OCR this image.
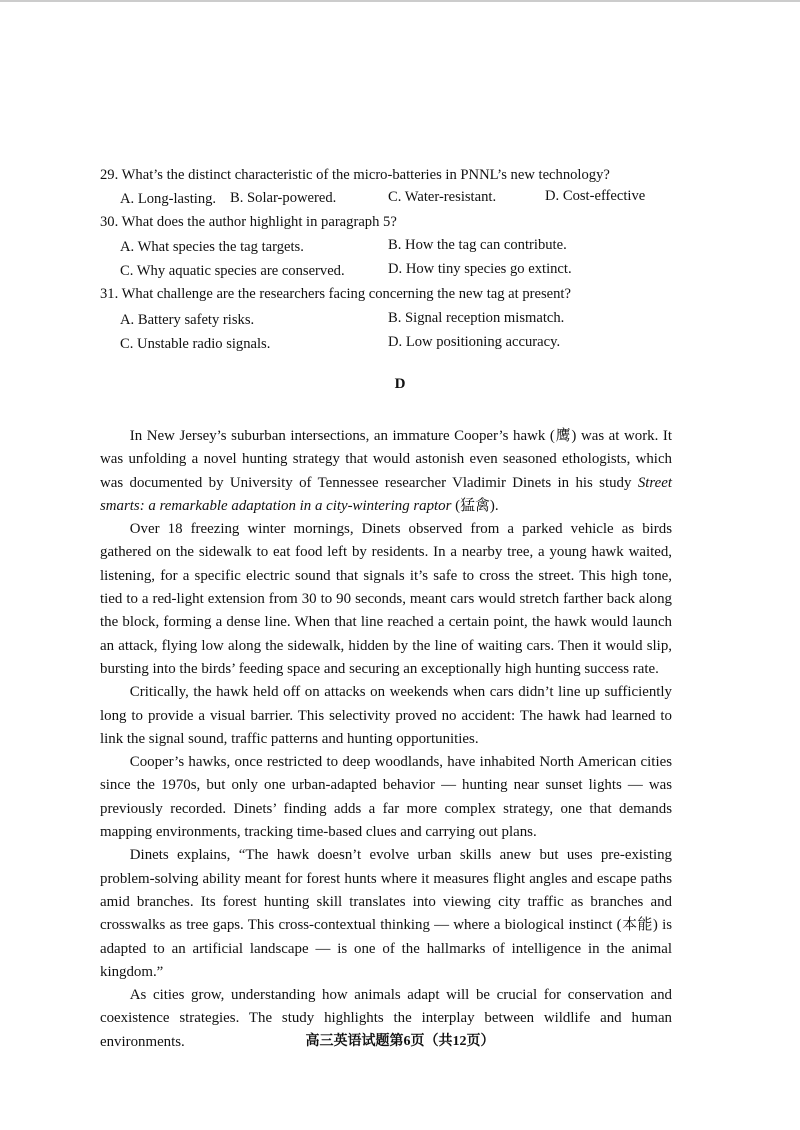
29. What’s the distinct characteristic of the micro-batteries in PNNL’s new technology?
A. Long-lasting. B. Solar-powered.	C. Water-resistant.	D. Cost-effective
30. What does the author highlight in paragraph 5?
A. What species the tag targets.	B. How the tag can contribute.
C. Why aquatic species are conserved.	D. How tiny species go extinct.
31. What challenge are the researchers facing concerning the new tag at present?
A. Battery safety risks.	B. Signal reception mismatch.
C. Unstable radio signals.	D. Low positioning accuracy.
D

In New Jersey’s suburban intersections, an immature Cooper’s hawk (鹰) was at work. It was unfolding a novel hunting strategy that would astonish even seasoned ethologists, which was documented by University of Tennessee researcher Vladimir Dinets in his study Street smarts: a remarkable adaptation in a city-wintering raptor (猛禽).

Over 18 freezing winter mornings, Dinets observed from a parked vehicle as birds gathered on the sidewalk to eat food left by residents. In a nearby tree, a young hawk waited, listening, for a specific electric sound that signals it’s safe to cross the street. This high tone, tied to a red-light extension from 30 to 90 seconds, meant cars would stretch farther back along the block, forming a dense line. When that line reached a certain point, the hawk would launch an attack, flying low along the sidewalk, hidden by the line of waiting cars. Then it would slip, bursting into the birds’ feeding space and securing an exceptionally high hunting success rate.

Critically, the hawk held off on attacks on weekends when cars didn’t line up sufficiently long to provide a visual barrier. This selectivity proved no accident: The hawk had learned to link the signal sound, traffic patterns and hunting opportunities.

Cooper’s hawks, once restricted to deep woodlands, have inhabited North American cities since the 1970s, but only one urban-adapted behavior — hunting near sunset lights — was previously recorded. Dinets’ finding adds a far more complex strategy, one that demands mapping environments, tracking time-based clues and carrying out plans.

Dinets explains, “The hawk doesn’t evolve urban skills anew but uses pre-existing problem-solving ability meant for forest hunts where it measures flight angles and escape paths amid branches. Its forest hunting skill translates into viewing city traffic as branches and crosswalks as tree gaps. This cross-contextual thinking — where a biological instinct (本能) is adapted to an artificial landscape — is one of the hallmarks of intelligence in the animal kingdom.”

As cities grow, understanding how animals adapt will be crucial for conservation and coexistence strategies. The study highlights the interplay between wildlife and human environments.	高三英语试题第6页（共12页）
